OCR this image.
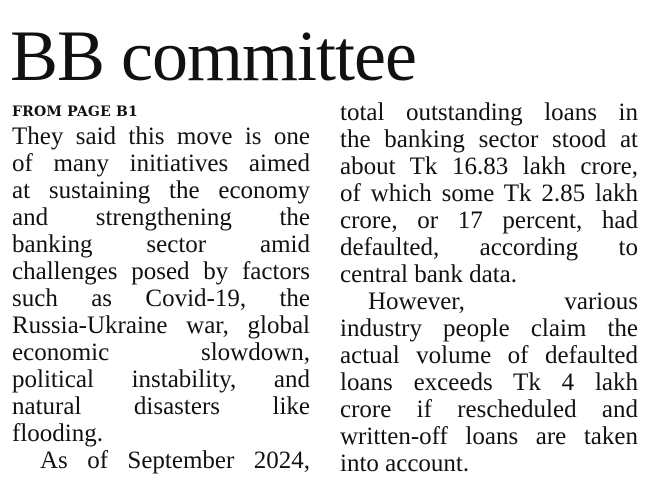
BB committee
FROM PAGE B1
They said this move is one
of many initiatives aimed
at sustaining the economy
and strengthening the
banking sector amid
challenges posed by factors
such as Covid-19, the
Russia-Ukraine war, global
economic slowdown,
political instability, and
natural disasters like
flooding.
As of September 2024,
total outstanding loans in
the banking sector stood at
about Tk 16.83 lakh crore,
of which some Tk 2.85 lakh
crore, or 17 percent, had
defaulted, according to
central bank data.
However, various
industry people claim the
actual volume of defaulted
loans exceeds Tk 4 lakh
crore if rescheduled and
written-off loans are taken
into account.
